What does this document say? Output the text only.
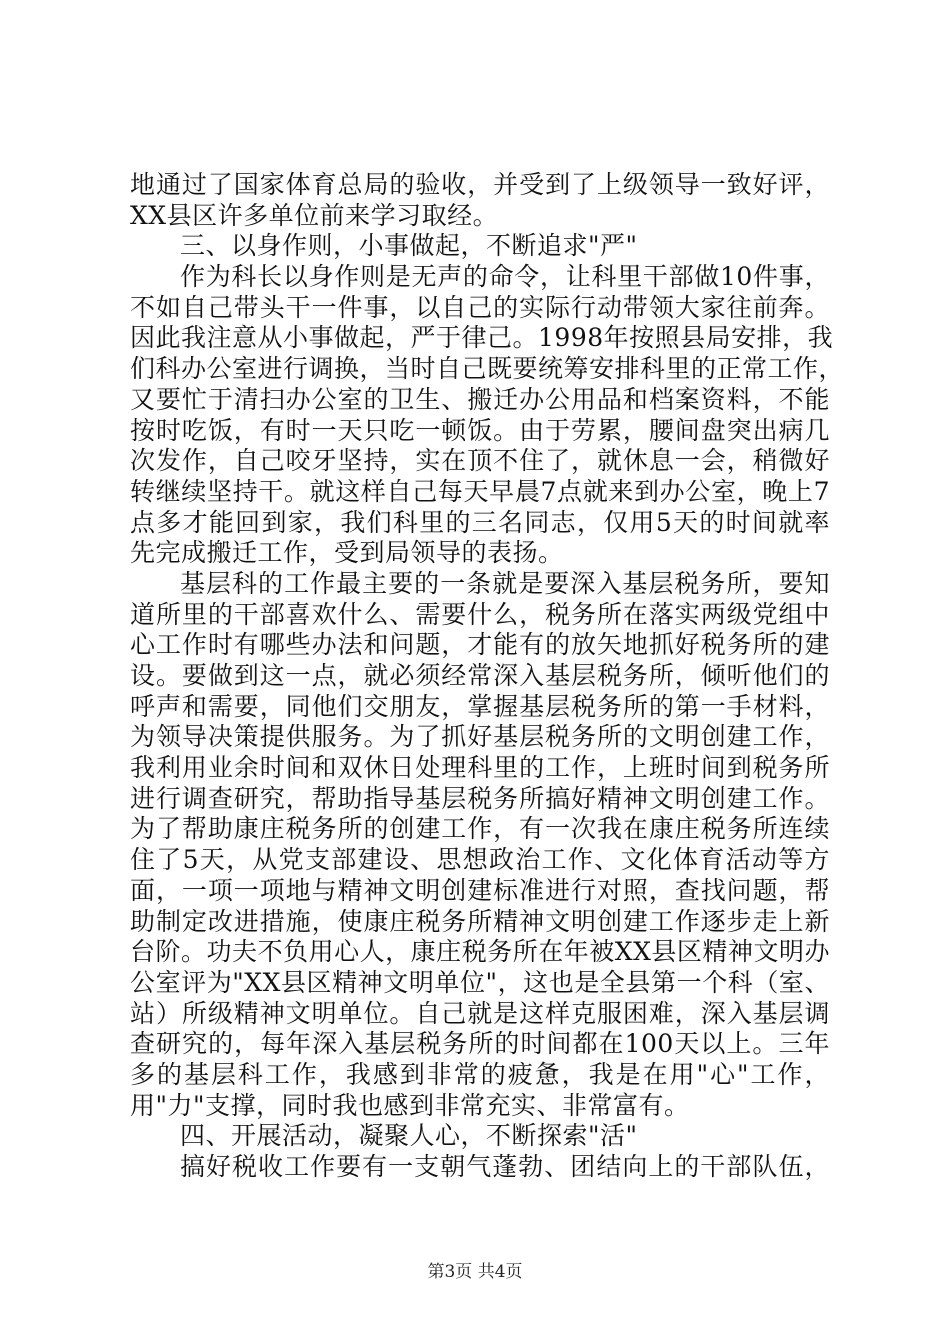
地通过了国家体育总局的验收，并受到了上级领导一致好评，
XX县区许多单位前来学习取经。
三、以身作则，小事做起，不断追求"严"
作为科长以身作则是无声的命令，让科里干部做10件事，
不如自己带头干一件事，以自己的实际行动带领大家往前奔。
因此我注意从小事做起，严于律己。1998年按照县局安排，我
们科办公室进行调换，当时自己既要统筹安排科里的正常工作，
又要忙于清扫办公室的卫生、搬迁办公用品和档案资料，不能
按时吃饭，有时一天只吃一顿饭。由于劳累，腰间盘突出病几
次发作，自己咬牙坚持，实在顶不住了，就休息一会，稍微好
转继续坚持干。就这样自己每天早晨7点就来到办公室，晚上7
点多才能回到家，我们科里的三名同志，仅用5天的时间就率
先完成搬迁工作，受到局领导的表扬。
基层科的工作最主要的一条就是要深入基层税务所，要知
道所里的干部喜欢什么、需要什么，税务所在落实两级党组中
心工作时有哪些办法和问题，才能有的放矢地抓好税务所的建
设。要做到这一点，就必须经常深入基层税务所，倾听他们的
呼声和需要，同他们交朋友，掌握基层税务所的第一手材料，
为领导决策提供服务。为了抓好基层税务所的文明创建工作，
我利用业余时间和双休日处理科里的工作，上班时间到税务所
进行调查研究，帮助指导基层税务所搞好精神文明创建工作。
为了帮助康庄税务所的创建工作，有一次我在康庄税务所连续
住了5天，从党支部建设、思想政治工作、文化体育活动等方
面，一项一项地与精神文明创建标准进行对照，查找问题，帮
助制定改进措施，使康庄税务所精神文明创建工作逐步走上新
台阶。功夫不负用心人，康庄税务所在年被XX县区精神文明办
公室评为"XX县区精神文明单位"，这也是全县第一个科（室、
站）所级精神文明单位。自己就是这样克服困难，深入基层调
查研究的，每年深入基层税务所的时间都在100天以上。三年
多的基层科工作，我感到非常的疲惫，我是在用"心"工作，
用"力"支撑，同时我也感到非常充实、非常富有。
四、开展活动，凝聚人心，不断探索"活"
搞好税收工作要有一支朝气蓬勃、团结向上的干部队伍，
第3页 共4页
